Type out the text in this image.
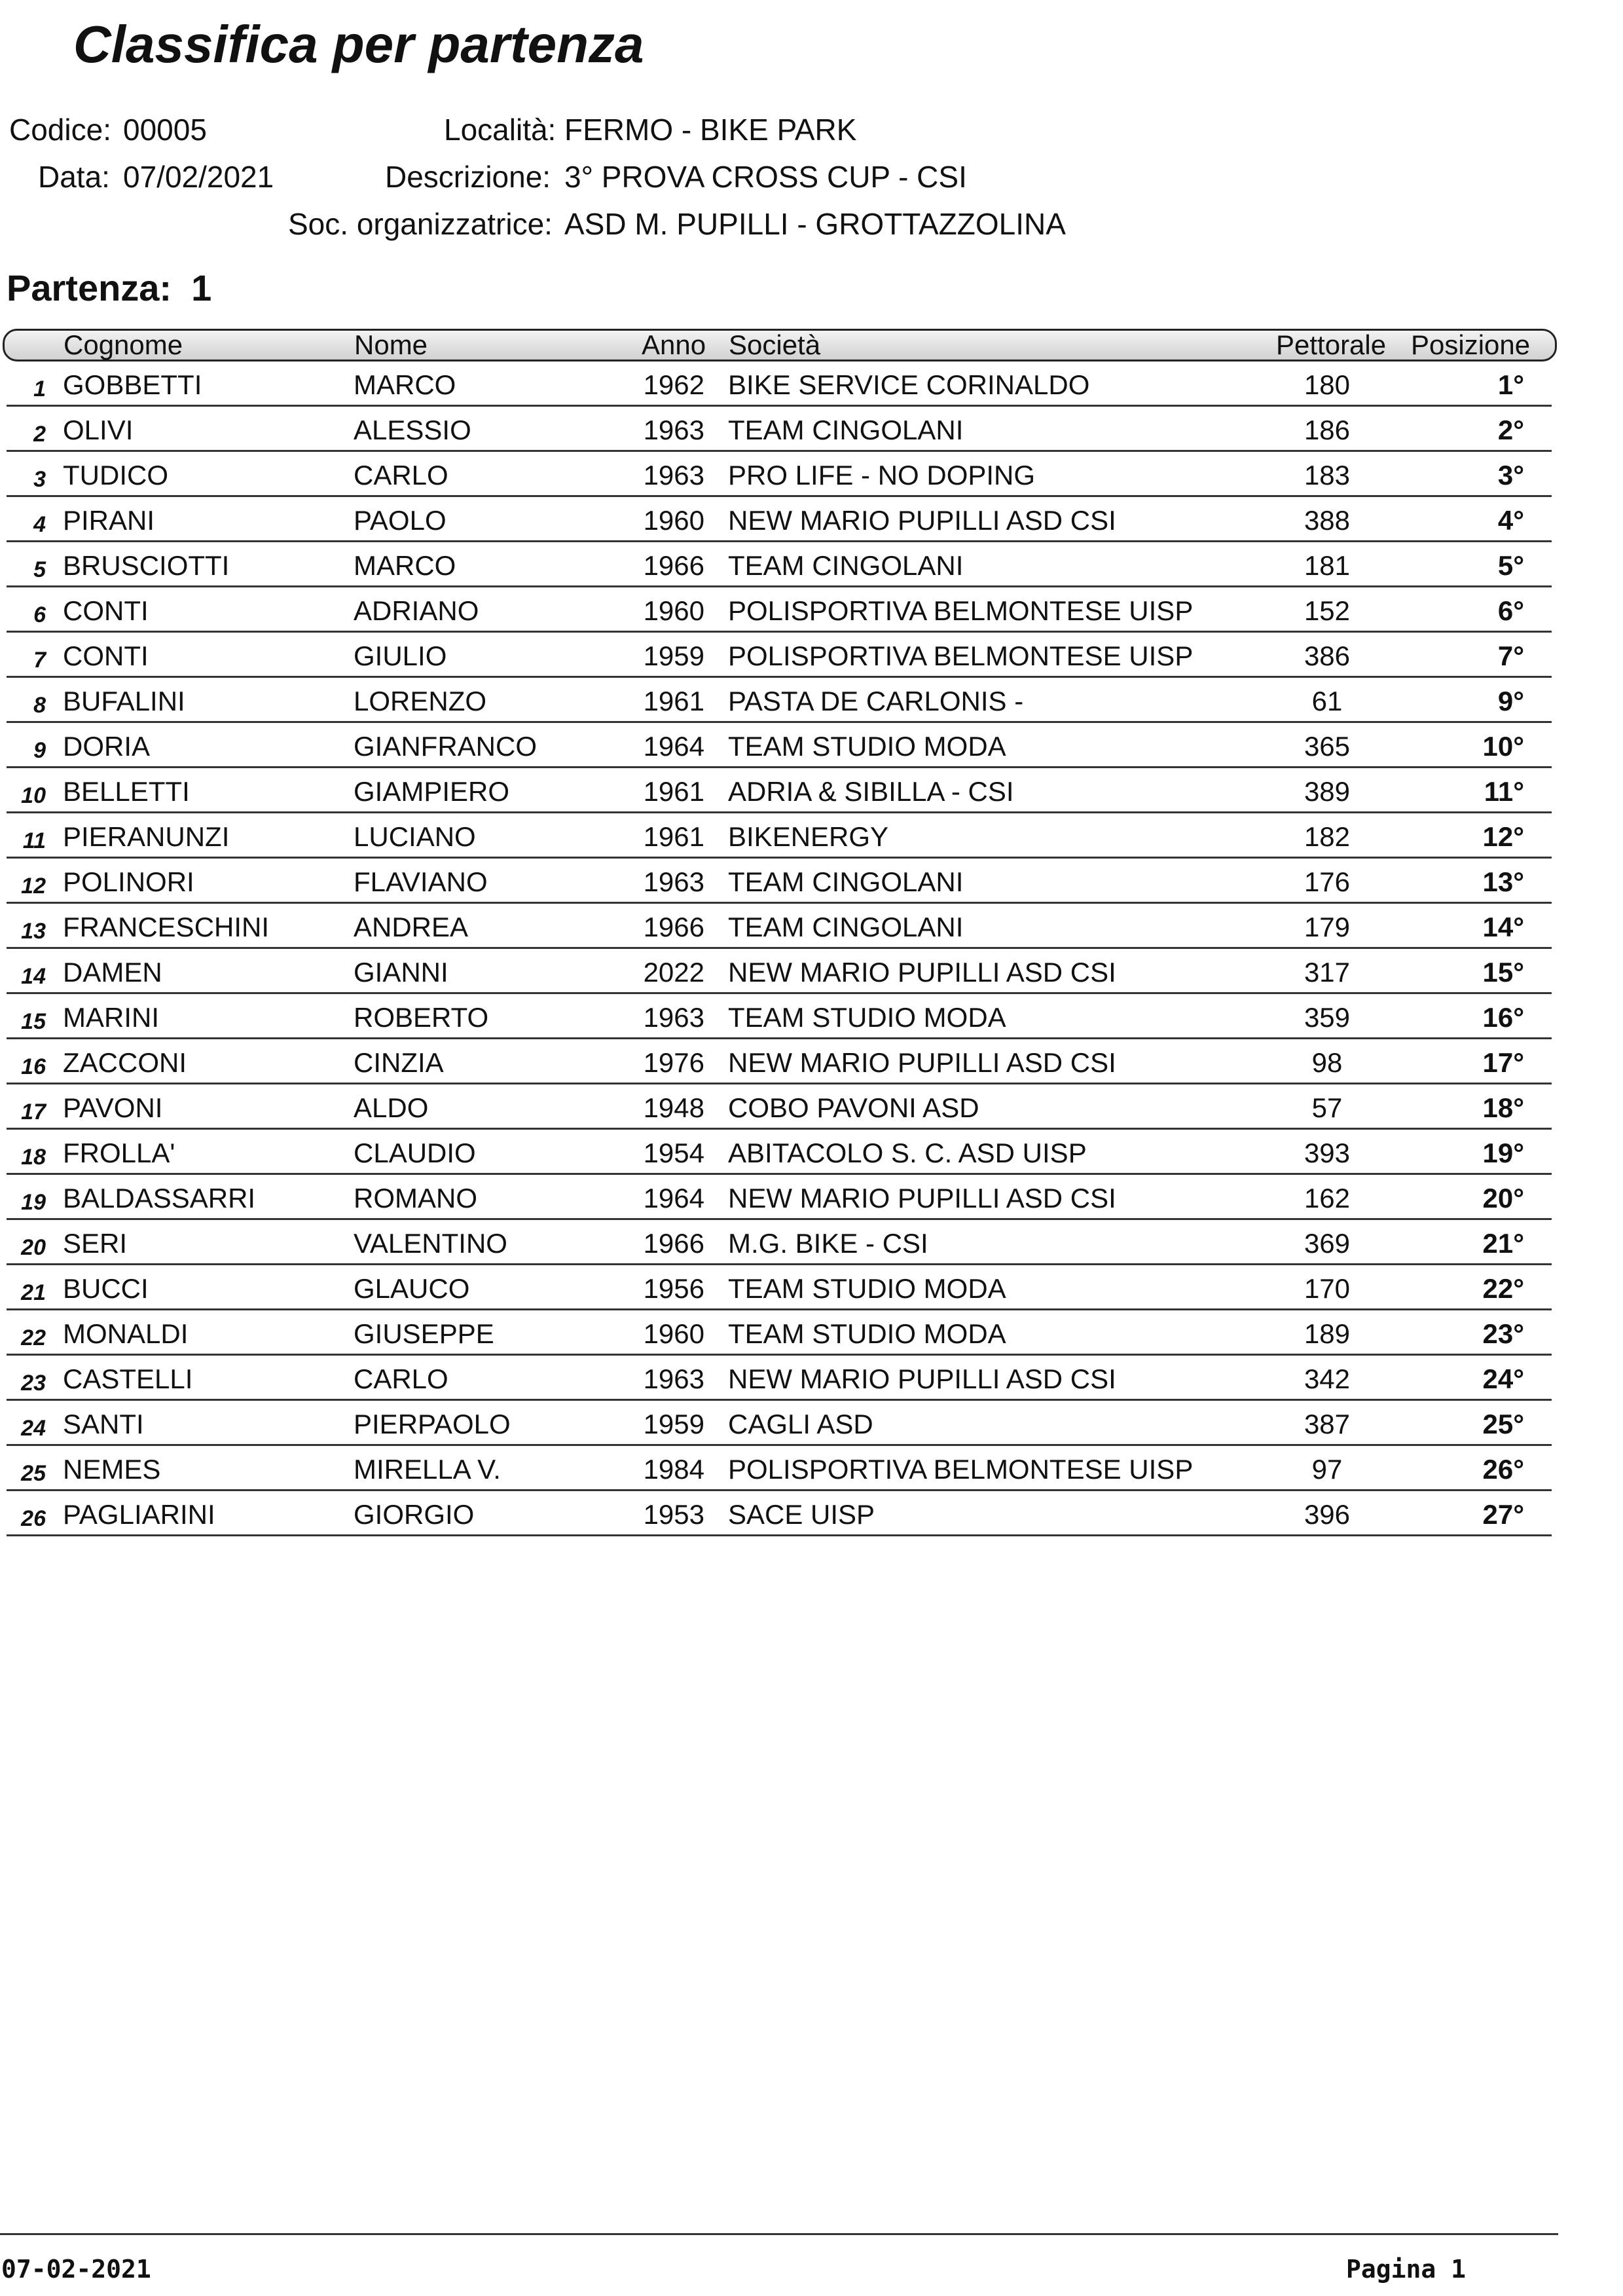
Classifica per partenza
Codice: 00005
Data: 07/02/2021
Località: FERMO - BIKE PARK
Descrizione: 3° PROVA CROSS CUP - CSI
Soc. organizzatrice: ASD M. PUPILLI - GROTTAZZOLINA
Partenza: 1
Cognome	Nome	Anno Società	Pettorale Posizione
1 GOBBETTI	MARCO	1962 BIKE SERVICE CORINALDO	180	1°
2 OLIVI	ALESSIO	1963 TEAM CINGOLANI	186	2°
3 TUDICO	CARLO	1963 PRO LIFE - NO DOPING	183	3°
4 PIRANI	PAOLO	1960 NEW MARIO PUPILLI ASD CSI	388	4°
5 BRUSCIOTTI	MARCO	1966 TEAM CINGOLANI	181	5°
6 CONTI	ADRIANO	1960 POLISPORTIVA BELMONTESE UISP	152	6°
7 CONTI	GIULIO	1959 POLISPORTIVA BELMONTESE UISP	386	7°
8 BUFALINI	LORENZO	1961 PASTA DE CARLONIS -	61	9°
9 DORIA	GIANFRANCO	1964 TEAM STUDIO MODA	365	10°
10 BELLETTI	GIAMPIERO	1961 ADRIA & SIBILLA - CSI	389	11°
11 PIERANUNZI	LUCIANO	1961 BIKENERGY	182	12°
12 POLINORI	FLAVIANO	1963 TEAM CINGOLANI	176	13°
13 FRANCESCHINI	ANDREA	1966 TEAM CINGOLANI	179	14°
14 DAMEN	GIANNI	2022 NEW MARIO PUPILLI ASD CSI	317	15°
15 MARINI	ROBERTO	1963 TEAM STUDIO MODA	359	16°
16 ZACCONI	CINZIA	1976 NEW MARIO PUPILLI ASD CSI	98	17°
17 PAVONI	ALDO	1948 COBO PAVONI ASD	57	18°
18 FROLLA'	CLAUDIO	1954 ABITACOLO S. C. ASD UISP	393	19°
19 BALDASSARRI	ROMANO	1964 NEW MARIO PUPILLI ASD CSI	162	20°
20 SERI	VALENTINO	1966 M.G. BIKE - CSI	369	21°
21 BUCCI	GLAUCO	1956 TEAM STUDIO MODA	170	22°
22 MONALDI	GIUSEPPE	1960 TEAM STUDIO MODA	189	23°
23 CASTELLI	CARLO	1963 NEW MARIO PUPILLI ASD CSI	342	24°
24 SANTI	PIERPAOLO	1959 CAGLI ASD	387	25°
25 NEMES	MIRELLA V.	1984 POLISPORTIVA BELMONTESE UISP	97	26°
26 PAGLIARINI	GIORGIO	1953 SACE UISP	396	27°
07-02-2021	Pagina 1
